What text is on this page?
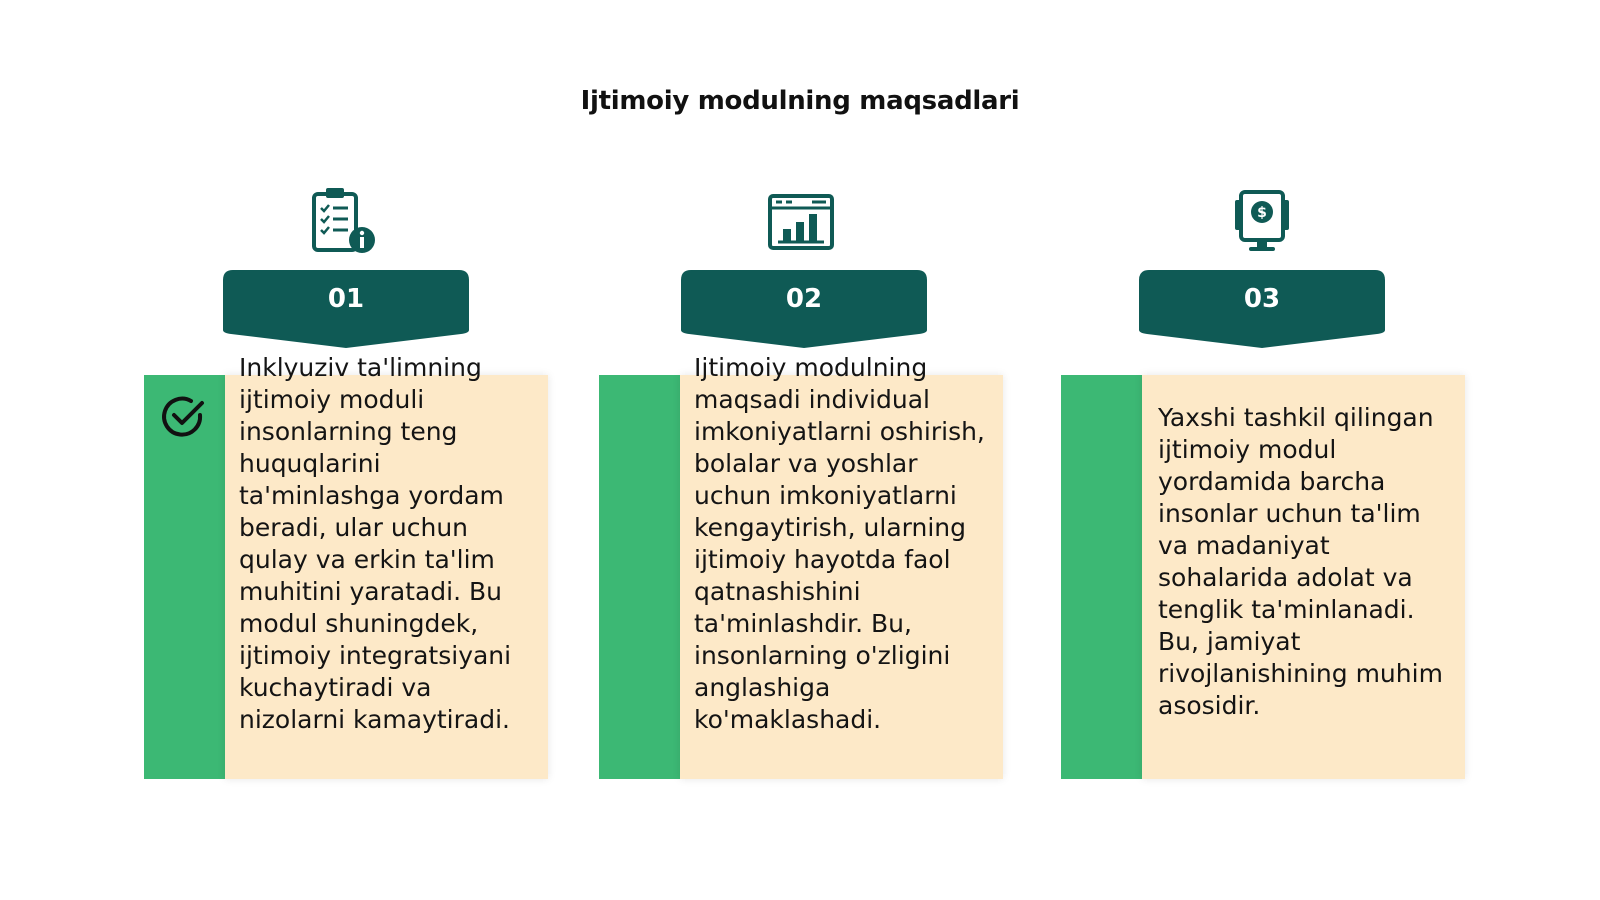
Ijtimoiy modulning maqsadlari
01
Inklyuziv ta'limning ijtimoiy moduli insonlarning teng huquqlarini ta'minlashga yordam beradi, ular uchun qulay va erkin ta'lim muhitini yaratadi. Bu modul shuningdek, ijtimoiy integratsiyani kuchaytiradi va nizolarni kamaytiradi.
02
Ijtimoiy modulning maqsadi individual imkoniyatlarni oshirish, bolalar va yoshlar uchun imkoniyatlarni kengaytirish, ularning ijtimoiy hayotda faol qatnashishini ta'minlashdir. Bu, insonlarning o'zligini anglashiga ko'maklashadi.
$
03
Yaxshi tashkil qilingan ijtimoiy modul yordamida barcha insonlar uchun ta'lim va madaniyat sohalarida adolat va tenglik ta'minlanadi. Bu, jamiyat rivojlanishining muhim asosidir.
